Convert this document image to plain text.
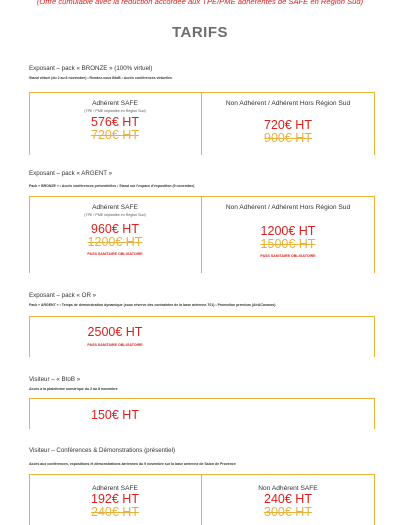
(Offre cumulable avec la réduction accordée aux TPE/PME adhérentes de SAFE en Région Sud)
TARIFS
Exposant – pack « BRONZE » (100% virtuel)
Stand virtuel (du 2 au 6 novembre) • Rendez-vous BtoB • Accès conférences virtuelles
Adhérent SAFE
(TPE / PME implantée en Région Sud)
576€ HT
720€ HT
Non Adhérent / Adhérent Hors Région Sud
720€ HT
900€ HT
Exposant – pack « ARGENT »
Pack « BRONZE » • Accès conférences présentielles • Stand sur l'espace d'exposition (9 novembre)
Adhérent SAFE
(TPE / PME implantée en Région Sud)
960€ HT
1200€ HT
PASS SANITAIRE OBLIGATOIRE
Non Adhérent / Adhérent Hors Région Sud
1200€ HT
1500€ HT
PASS SANITAIRE OBLIGATOIRE
Exposant – pack « OR »
Pack « ARGENT » • Temps de démonstration dynamique (sous réserve des contraintes de la base aérienne 701) • Promotion premium (Air&Cosmos)
2500€ HT
PASS SANITAIRE OBLIGATOIRE
Visiteur – « BtoB »
Accès à la plateforme numérique du 2 au 8 novembre
150€ HT
Visiteur – Conférences & Démonstrations (présentiel)
Accès aux conférences, expositions et démonstrations aériennes du 9 novembre sur la base aérienne de Salon de Provence
Adhérent SAFE
192€ HT
240€ HT
Non Adhérent SAFE
240€ HT
300€ HT
